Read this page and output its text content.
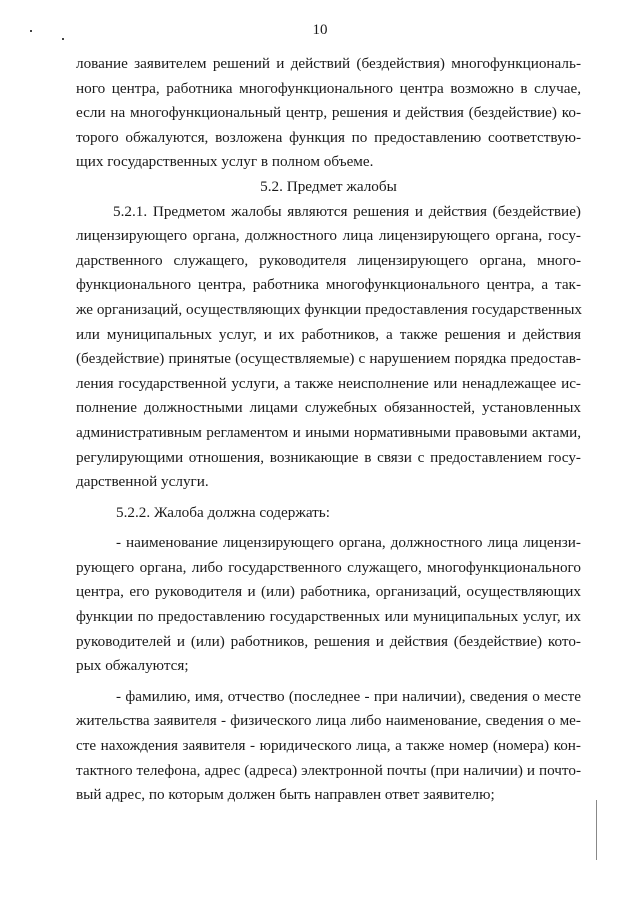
10
лование заявителем решений и действий (бездействия) многофункциональ-
ного центра, работника многофункционального центра возможно в случае,
если на многофункциональный центр, решения и действия (бездействие) ко-
торого обжалуются, возложена функция по предоставлению соответствую-
щих государственных услуг в полном объеме.
5.2. Предмет жалобы
5.2.1. Предметом жалобы являются решения и действия (бездействие)
лицензирующего органа, должностного лица лицензирующего органа, госу-
дарственного служащего, руководителя лицензирующего органа, много-
функционального центра, работника многофункционального центра, а так-
же организаций, осуществляющих функции предоставления государственных
или муниципальных услуг, и их работников, а также решения и действия
(бездействие) принятые (осуществляемые) с нарушением порядка предостав-
ления государственной услуги, а также неисполнение или ненадлежащее ис-
полнение должностными лицами служебных обязанностей, установленных
административным регламентом и иными нормативными правовыми актами,
регулирующими отношения, возникающие в связи с предоставлением госу-
дарственной услуги.
5.2.2. Жалоба должна содержать:
- наименование лицензирующего органа, должностного лица лицензи-
рующего органа, либо государственного служащего, многофункционального
центра, его руководителя и (или) работника, организаций, осуществляющих
функции по предоставлению государственных или муниципальных услуг, их
руководителей и (или) работников, решения и действия (бездействие) кото-
рых обжалуются;
- фамилию, имя, отчество (последнее - при наличии), сведения о месте
жительства заявителя - физического лица либо наименование, сведения о ме-
сте нахождения заявителя - юридического лица, а также номер (номера) кон-
тактного телефона, адрес (адреса) электронной почты (при наличии) и почто-
вый адрес, по которым должен быть направлен ответ заявителю;
